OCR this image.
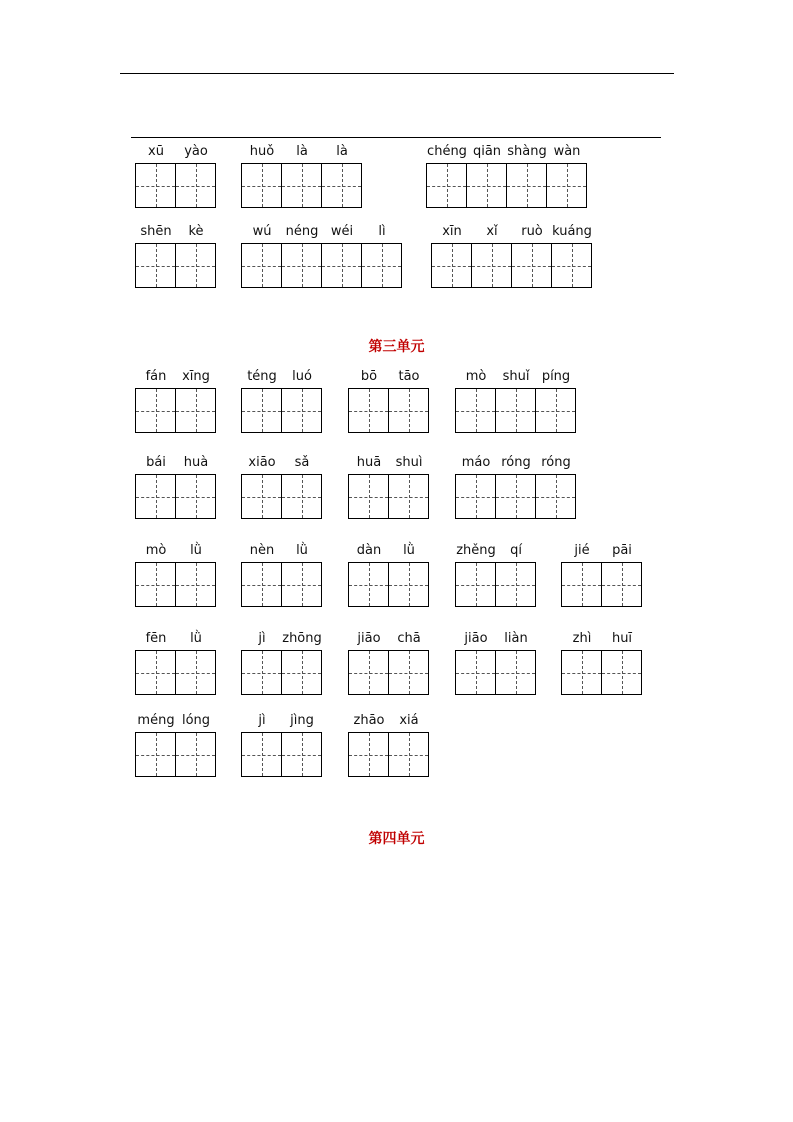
第三单元
第四单元
xū yào	huǒ là là	chéng qiān shàng wàn
shēn kè	wú néng wéi lì	xīn xǐ ruò kuáng
fán xīng	téng luó	bō tāo	mò shuǐ píng
bái huà	xiāo sǎ	huā shuì	máo róng róng
mò lǜ	nèn lǜ	dàn lǜ	zhěng qí	jié pāi
fēn lǜ	jì zhōng	jiāo chā	jiāo liàn	zhì huī
méng lóng	jì jìng	zhāo xiá
